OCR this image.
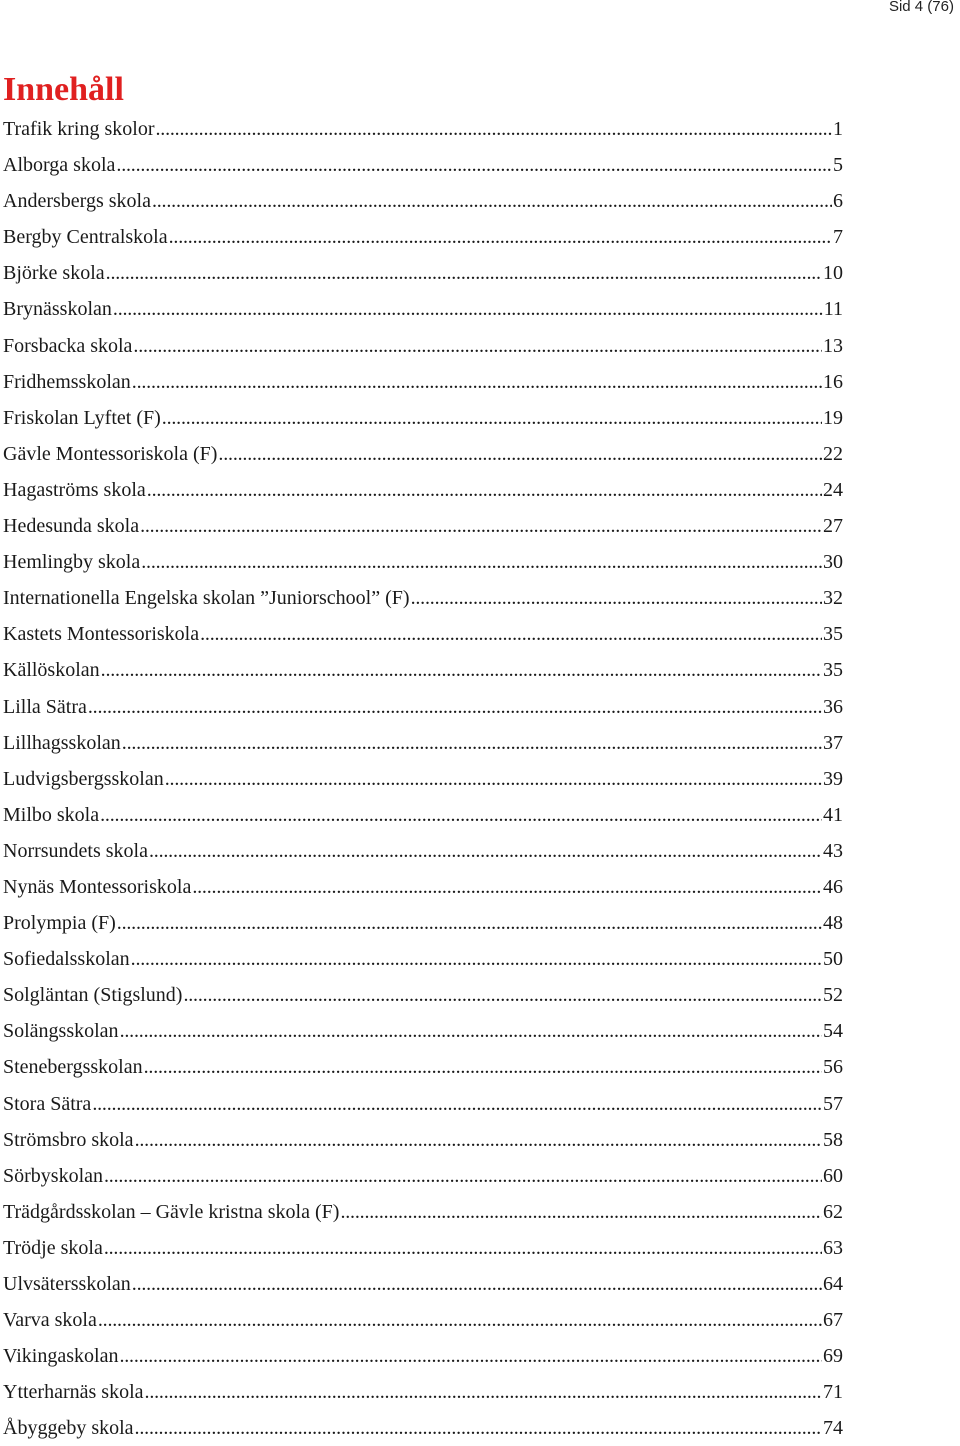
Sid 4 (76)
Innehåll
Trafik kring skolor . . .	1
Alborga skola . . .	5
Andersbergs skola . . .	6
Bergby Centralskola . . .	7
Björke skola . . .	10
Brynässkolan . . .	11
Forsbacka skola . . .	13
Fridhemsskolan . . .	16
Friskolan Lyftet (F) . . .	19
Gävle Montessoriskola (F) . . .	22
Hagaströms skola . . .	24
Hedesunda skola . . .	27
Hemlingby skola . . .	30
Internationella Engelska skolan ”Juniorschool” (F) . . .	32
Kastets Montessoriskola . . .	35
Källöskolan . . .	35
Lilla Sätra . . .	36
Lillhagsskolan . . .	37
Ludvigsbergsskolan . . .	39
Milbo skola . . .	41
Norrsundets skola . . .	43
Nynäs Montessoriskola . . .	46
Prolympia (F) . . .	48
Sofiedalsskolan . . .	50
Solgläntan (Stigslund) . . .	52
Solängsskolan . . .	54
Stenebergsskolan . . .	56
Stora Sätra . . .	57
Strömsbro skola . . .	58
Sörbyskolan . . .	60
Trädgårdsskolan – Gävle kristna skola (F) . . .	62
Trödje skola . . .	63
Ulvsätersskolan . . .	64
Varva skola . . .	67
Vikingaskolan . . .	69
Ytterharnäs skola . . .	71
Åbyggeby skola . . .	74
